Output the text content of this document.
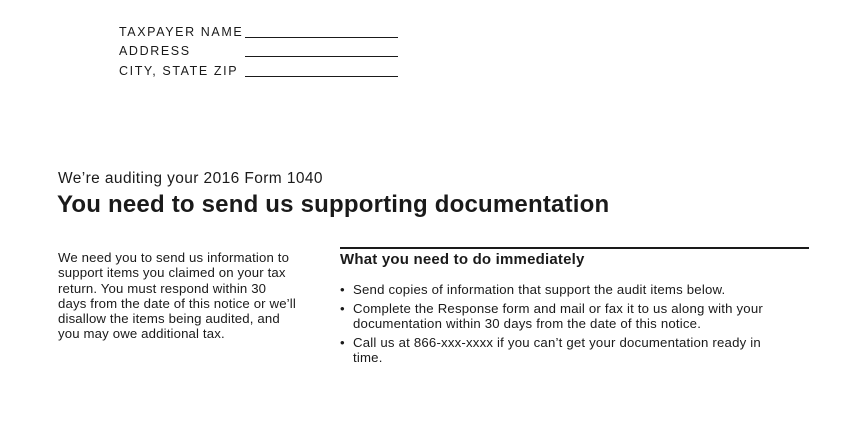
TAXPAYER NAME
ADDRESS
CITY, STATE ZIP
We’re auditing your 2016 Form 1040
You need to send us supporting documentation
We need you to send us information to support items you claimed on your tax return. You must respond within 30 days from the date of this notice or we’ll disallow the items being audited, and you may owe additional tax.
What you need to do immediately
• Send copies of information that support the audit items below.
• Complete the Response form and mail or fax it to us along with your documentation within 30 days from the date of this notice.
• Call us at 866-xxx-xxxx if you can’t get your documentation ready in time.
